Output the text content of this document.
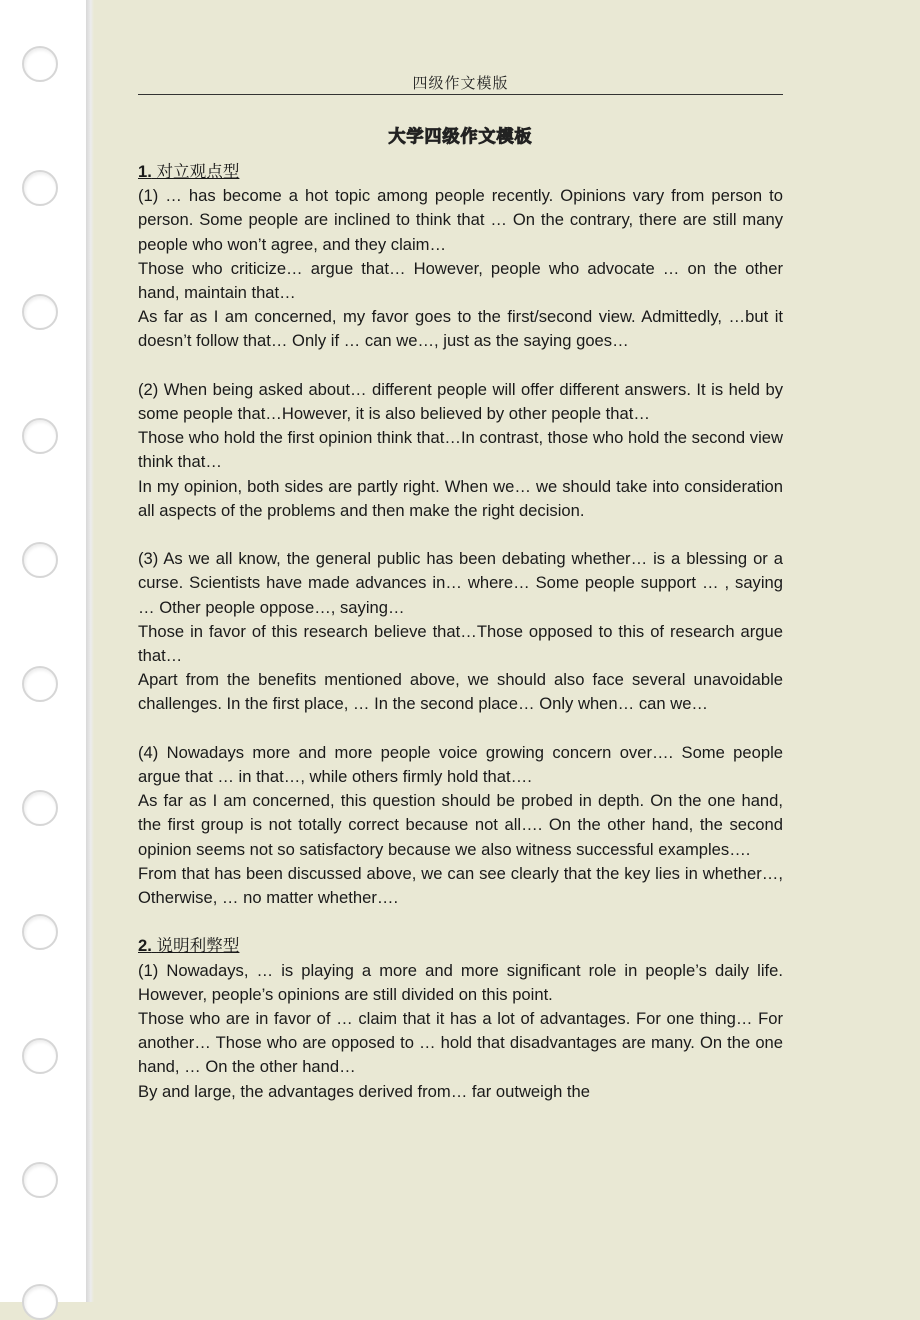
四级作文模版
大学四级作文模板
1. 对立观点型

(1) … has become a hot topic among people recently. Opinions vary from person to person. Some people are inclined to think that … On the contrary, there are still many people who won’t agree, and they claim…

Those who criticize… argue that… However, people who advocate … on the other hand, maintain that…

As far as I am concerned, my favor goes to the first/second view. Admittedly, …but it doesn’t follow that… Only if … can we…, just as the saying goes…

(2) When being asked about… different people will offer different answers. It is held by some people that…However, it is also believed by other people that…

Those who hold the first opinion think that…In contrast, those who hold the second view think that…

In my opinion, both sides are partly right. When we… we should take into consideration all aspects of the problems and then make the right decision.

(3) As we all know, the general public has been debating whether… is a blessing or a curse. Scientists have made advances in… where… Some people support … , saying … Other people oppose…, saying…

Those in favor of this research believe that…Those opposed to this of research argue that…

Apart from the benefits mentioned above, we should also face several unavoidable challenges. In the first place, … In the second place… Only when… can we…

(4) Nowadays more and more people voice growing concern over…. Some people argue that … in that…, while others firmly hold that….

As far as I am concerned, this question should be probed in depth. On the one hand, the first group is not totally correct because not all…. On the other hand, the second opinion seems not so satisfactory because we also witness successful examples….

From that has been discussed above, we can see clearly that the key lies in whether…, Otherwise, … no matter whether….

2. 说明利弊型

(1) Nowadays, … is playing a more and more significant role in people’s daily life. However, people’s opinions are still divided on this point.

Those who are in favor of … claim that it has a lot of advantages. For one thing… For another… Those who are opposed to … hold that disadvantages are many. On the one hand, … On the other hand…

By and large, the advantages derived from… far outweigh the
